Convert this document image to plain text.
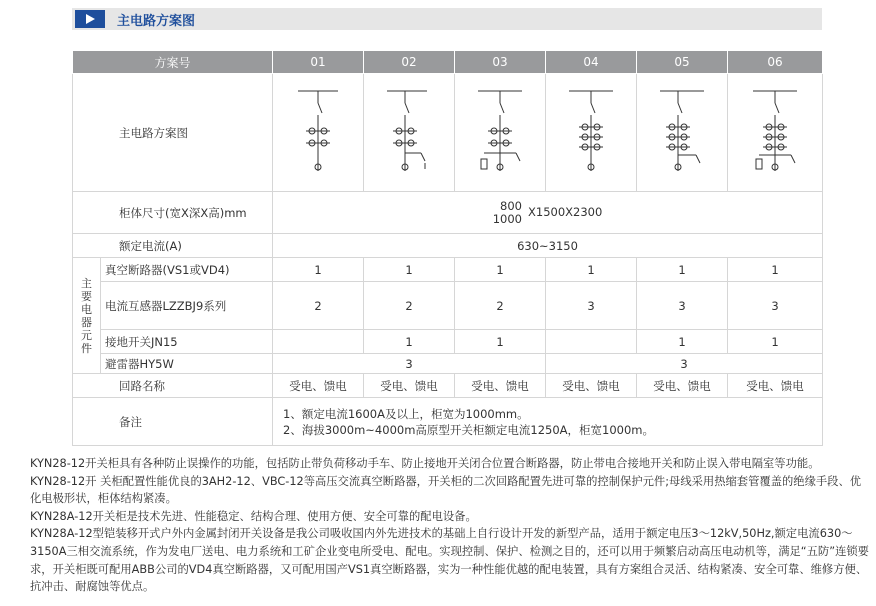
主电路方案图
方案号		01	02	03	04	05	06
主电路方案图	

柜体尺寸(宽X深X高)mm		800
1000 X1500X2300					

额定电流(A)		630~3150					
主要电器元件	真空断路器(VS1或VD4)	1	1	1	1	1	1
	电流互感器LZZBJ9系列	2	2	2	3	3	3
	接地开关JN15		1	1		1	1
	避雷器HY5W	3			3		
回路名称		受电、馈电	受电、馈电	受电、馈电	受电、馈电	受电、馈电	受电、馈电
备注		1、额定电流1600A及以上，柜宽为1000mm。
2、海拔3000m~4000m高原型开关柜额定电流1250A，柜宽1000m。					

KYN28-12开关柜具有各种防止误操作的功能，包括防止带负荷移动手车、防止接地开关闭合位置合断路器，防止带电合接地开关和防止误入带电隔室等功能。

KYN28-12开 关柜配置性能优良的3AH2-12、VBC-12等高压交流真空断路器，开关柜的二次回路配置先进可靠的控制保护元件;母线采用热缩套管覆盖的绝缘手段、优化电极形状，柜体结构紧凑。

KYN28A-12开关柜是技术先进、性能稳定、结构合理、使用方便、安全可靠的配电设备。

KYN28A-12型铠装移开式户外内金属封闭开关设备是我公司吸收国内外先进技术的基础上自行设计开发的新型产品，适用于额定电压3～12kV,50Hz,额定电流630～3150A三相交流系统，作为发电厂送电、电力系统和工矿企业变电所受电、配电。实现控制、保护、检测之目的，还可以用于频繁启动高压电动机等，满足“五防”连锁要求，开关柜既可配用ABB公司的VD4真空断路器，又可配用国产VS1真空断路器，实为一种性能优越的配电装置，具有方案组合灵活、结构紧凑、安全可靠、维修方便、抗冲击、耐腐蚀等优点。
